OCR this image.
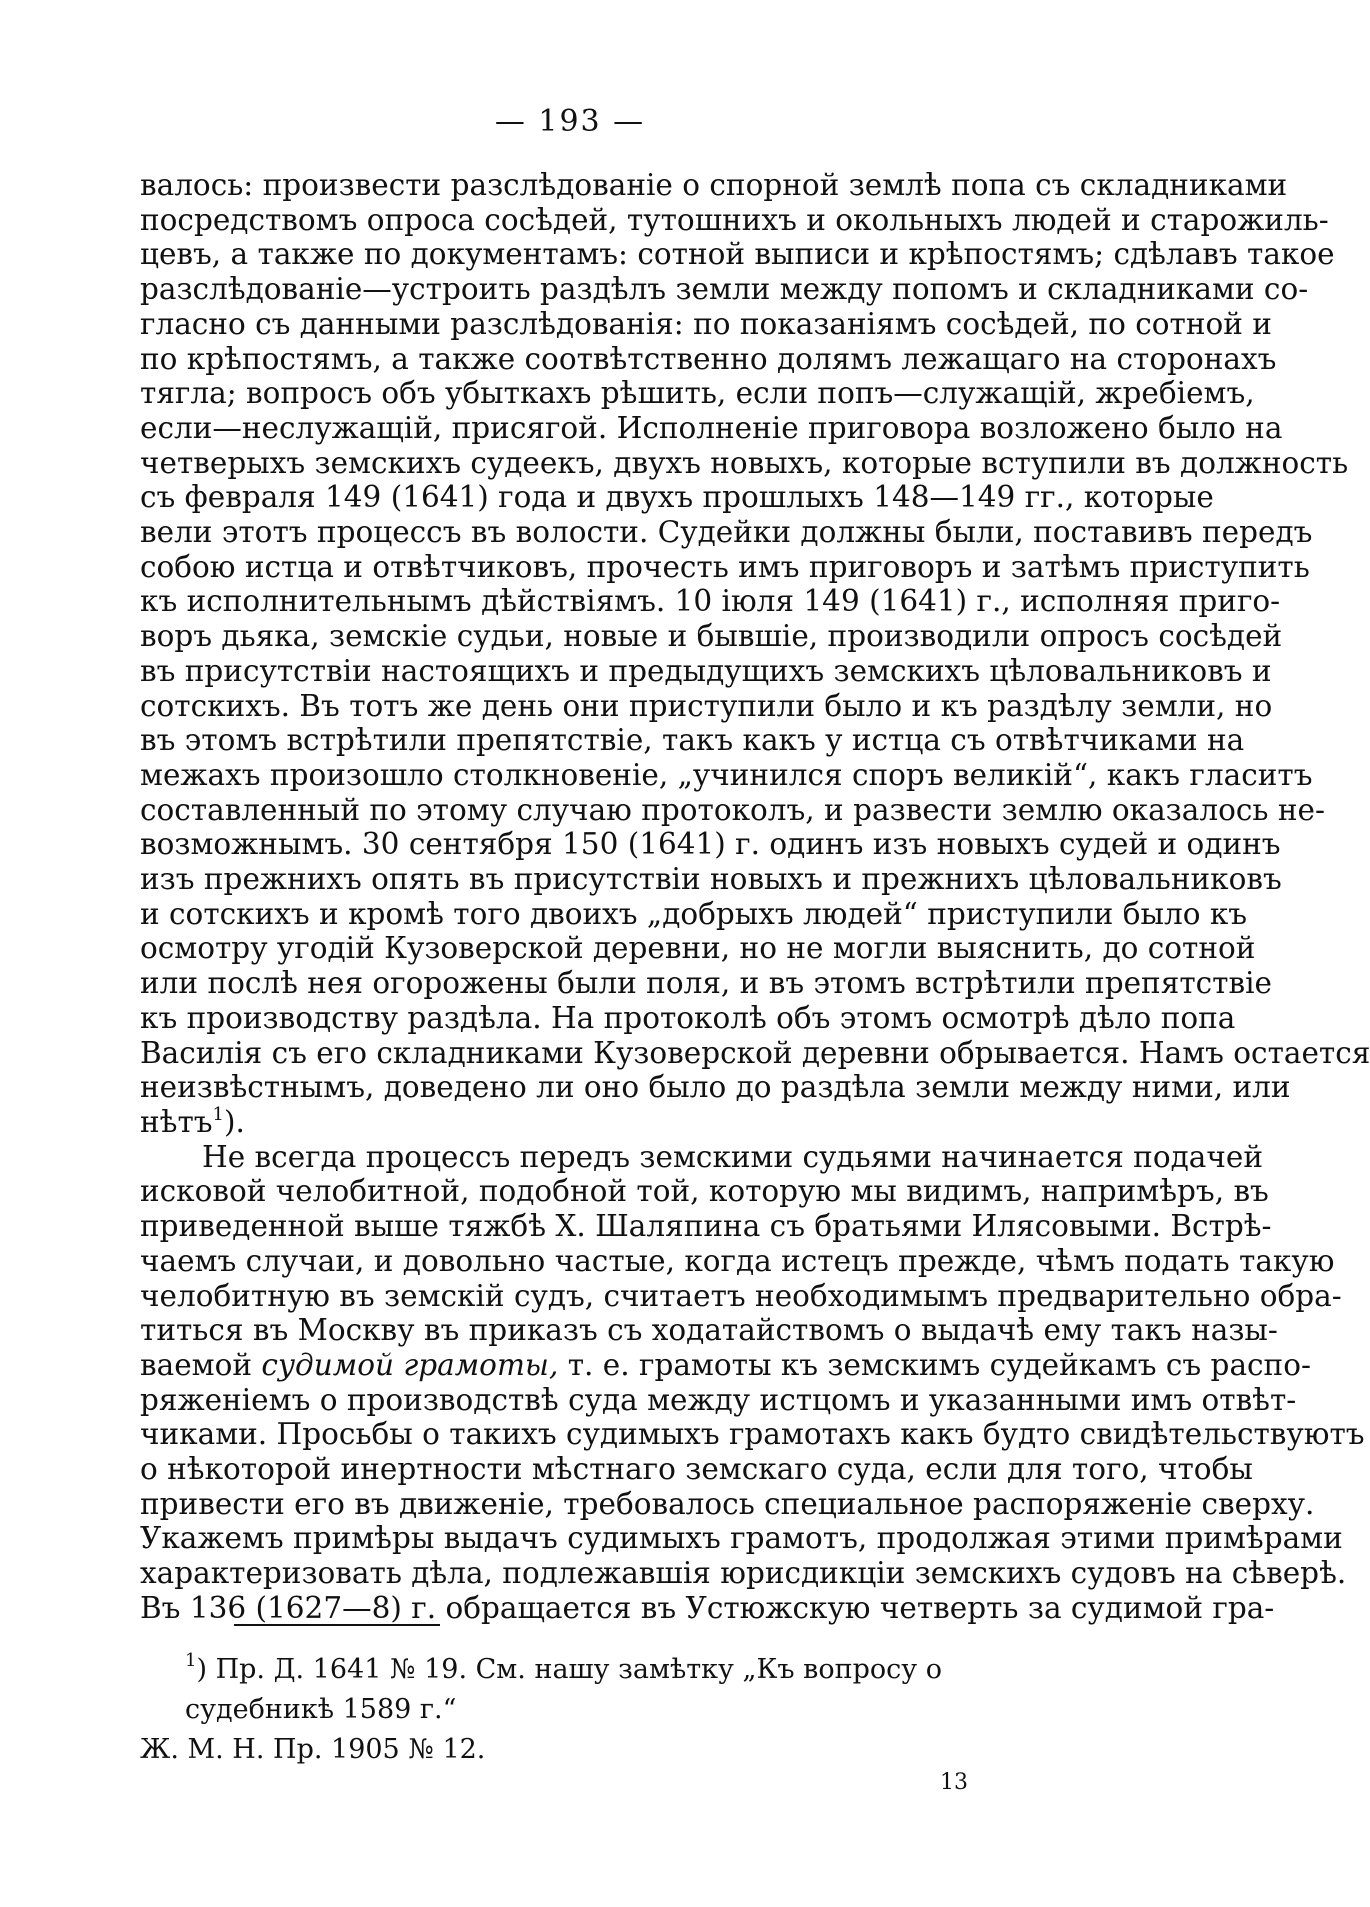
— 193 —
валось: произвести разслѣдованіе о спорной землѣ попа съ складниками
посредствомъ опроса сосѣдей, тутошнихъ и окольныхъ людей и старожиль-
цевъ, а также по документамъ: сотной выписи и крѣпостямъ; сдѣлавъ такое
разслѣдованіе—устроить раздѣлъ земли между попомъ и складниками со-
гласно съ данными разслѣдованія: по показаніямъ сосѣдей, по сотной и
по крѣпостямъ, а также соотвѣтственно долямъ лежащаго на сторонахъ
тягла; вопросъ объ убыткахъ рѣшить, если попъ—служащій, жребіемъ,
если—неслужащій, присягой. Исполненіе приговора возложено было на
четверыхъ земскихъ судеекъ, двухъ новыхъ, которые вступили въ должность
съ февраля 149 (1641) года и двухъ прошлыхъ 148—149 гг., которые
вели этотъ процессъ въ волости. Судейки должны были, поставивъ передъ
собою истца и отвѣтчиковъ, прочесть имъ приговоръ и затѣмъ приступить
къ исполнительнымъ дѣйствіямъ. 10 іюля 149 (1641) г., исполняя приго-
воръ дьяка, земскіе судьи, новые и бывшіе, производили опросъ сосѣдей
въ присутствіи настоящихъ и предыдущихъ земскихъ цѣловальниковъ и
сотскихъ. Въ тотъ же день они приступили было и къ раздѣлу земли, но
въ этомъ встрѣтили препятствіе, такъ какъ у истца съ отвѣтчиками на
межахъ произошло столкновеніе, „учинился споръ великій“, какъ гласитъ
составленный по этому случаю протоколъ, и развести землю оказалось не-
возможнымъ. 30 сентября 150 (1641) г. одинъ изъ новыхъ судей и одинъ
изъ прежнихъ опять въ присутствіи новыхъ и прежнихъ цѣловальниковъ
и сотскихъ и кромѣ того двоихъ „добрыхъ людей“ приступили было къ
осмотру угодій Кузоверской деревни, но не могли выяснить, до сотной
или послѣ нея огорожены были поля, и въ этомъ встрѣтили препятствіе
къ производству раздѣла. На протоколѣ объ этомъ осмотрѣ дѣло попа
Василія съ его складниками Кузоверской деревни обрывается. Намъ остается
неизвѣстнымъ, доведено ли оно было до раздѣла земли между ними, или
нѣтъ$^1$).
Не всегда процессъ передъ земскими судьями начинается подачей
исковой челобитной, подобной той, которую мы видимъ, напримѣръ, въ
приведенной выше тяжбѣ Х. Шаляпина съ братьями Илясовыми. Встрѣ-
чаемъ случаи, и довольно частые, когда истецъ прежде, чѣмъ подать такую
челобитную въ земскій судъ, считаетъ необходимымъ предварительно обра-
титься въ Москву въ приказъ съ ходатайствомъ о выдачѣ ему такъ назы-
ваемой судимой грамоты, т. е. грамоты къ земскимъ судейкамъ съ распо-
ряженіемъ о производствѣ суда между истцомъ и указанными имъ отвѣт-
чиками. Просьбы о такихъ судимыхъ грамотахъ какъ будто свидѣтельствуютъ
о нѣкоторой инертности мѣстнаго земскаго суда, если для того, чтобы
привести его въ движеніе, требовалось специальное распоряженіе сверху.
Укажемъ примѣры выдачъ судимыхъ грамотъ, продолжая этими примѣрами
характеризовать дѣла, подлежавшія юрисдикціи земскихъ судовъ на сѣверѣ.
Въ 136 (1627—8) г. обращается въ Устюжскую четверть за судимой гра-
$^1$) Пр. Д. 1641 № 19. См. нашу замѣтку „Къ вопросу о судебникѣ 1589 г.“
Ж. М. Н. Пр. 1905 № 12.
13
